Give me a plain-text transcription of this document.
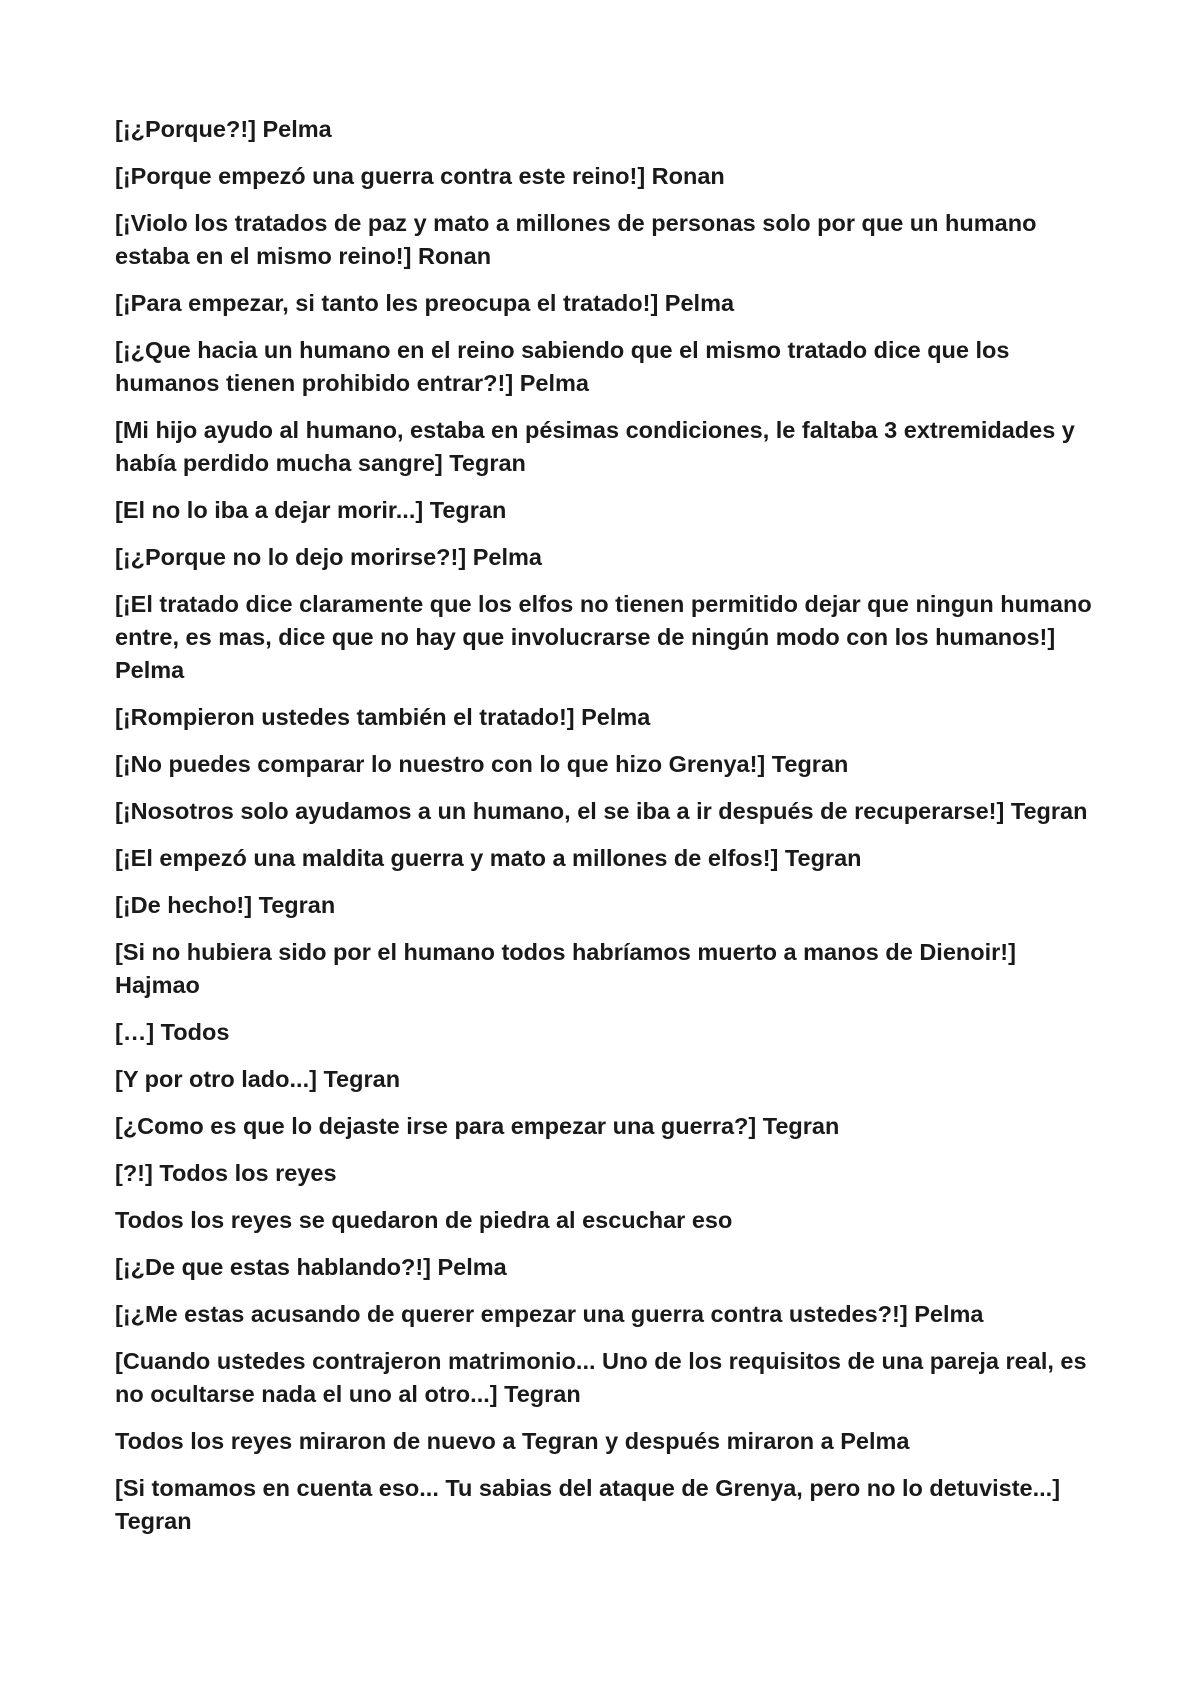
[¡¿Porque?!] Pelma

[¡Porque empezó una guerra contra este reino!] Ronan

[¡Violo los tratados de paz y mato a millones de personas solo por que un humano estaba en el mismo reino!] Ronan

[¡Para empezar, si tanto les preocupa el tratado!] Pelma

[¡¿Que hacia un humano en el reino sabiendo que el mismo tratado dice que los humanos tienen prohibido entrar?!] Pelma

[Mi hijo ayudo al humano, estaba en pésimas condiciones, le faltaba 3 extremidades y había perdido mucha sangre] Tegran

[El no lo iba a dejar morir...] Tegran

[¡¿Porque no lo dejo morirse?!] Pelma

[¡El tratado dice claramente que los elfos no tienen permitido dejar que ningun humano entre, es mas, dice que no hay que involucrarse de ningún modo con los humanos!] Pelma

[¡Rompieron ustedes también el tratado!] Pelma

[¡No puedes comparar lo nuestro con lo que hizo Grenya!] Tegran

[¡Nosotros solo ayudamos a un humano, el se iba a ir después de recuperarse!] Tegran

[¡El empezó una maldita guerra y mato a millones de elfos!] Tegran

[¡De hecho!] Tegran

[Si no hubiera sido por el humano todos habríamos muerto a manos de Dienoir!] Hajmao

[…] Todos

[Y por otro lado...] Tegran

[¿Como es que lo dejaste irse para empezar una guerra?] Tegran

[?!] Todos los reyes

Todos los reyes se quedaron de piedra al escuchar eso

[¡¿De que estas hablando?!] Pelma

[¡¿Me estas acusando de querer empezar una guerra contra ustedes?!] Pelma

[Cuando ustedes contrajeron matrimonio... Uno de los requisitos de una pareja real, es no ocultarse nada el uno al otro...] Tegran

Todos los reyes miraron de nuevo a Tegran y después miraron a Pelma

[Si tomamos en cuenta eso... Tu sabias del ataque de Grenya, pero no lo detuviste...] Tegran
